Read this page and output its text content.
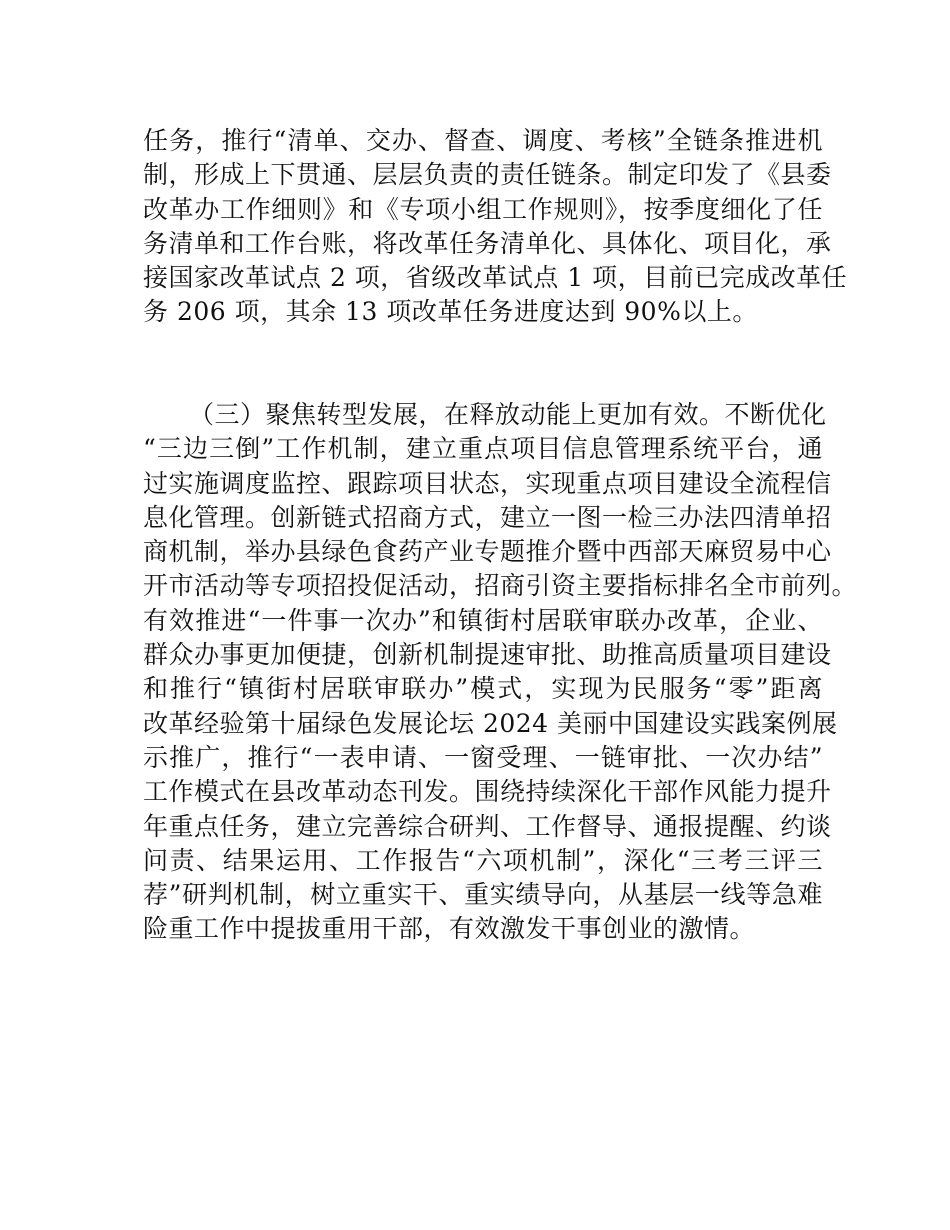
任务，推行“清单、交办、督查、调度、考核”全链条推进机
制，形成上下贯通、层层负责的责任链条。制定印发了《县委
改革办工作细则》和《专项小组工作规则》，按季度细化了任
务清单和工作台账，将改革任务清单化、具体化、项目化，承
接国家改革试点 2 项，省级改革试点 1 项，目前已完成改革任
务 206 项，其余 13 项改革任务进度达到 90%以上。
（三）聚焦转型发展，在释放动能上更加有效。不断优化
“三边三倒”工作机制，建立重点项目信息管理系统平台，通
过实施调度监控、跟踪项目状态，实现重点项目建设全流程信
息化管理。创新链式招商方式，建立一图一检三办法四清单招
商机制，举办县绿色食药产业专题推介暨中西部天麻贸易中心
开市活动等专项招投促活动，招商引资主要指标排名全市前列。
有效推进“一件事一次办”和镇街村居联审联办改革，企业、
群众办事更加便捷，创新机制提速审批、助推高质量项目建设
和推行“镇街村居联审联办”模式，实现为民服务“零”距离
改革经验第十届绿色发展论坛 2024 美丽中国建设实践案例展
示推广，推行“一表申请、一窗受理、一链审批、一次办结”
工作模式在县改革动态刊发。围绕持续深化干部作风能力提升
年重点任务，建立完善综合研判、工作督导、通报提醒、约谈
问责、结果运用、工作报告“六项机制”，深化“三考三评三
荐”研判机制，树立重实干、重实绩导向，从基层一线等急难
险重工作中提拔重用干部，有效激发干事创业的激情。
